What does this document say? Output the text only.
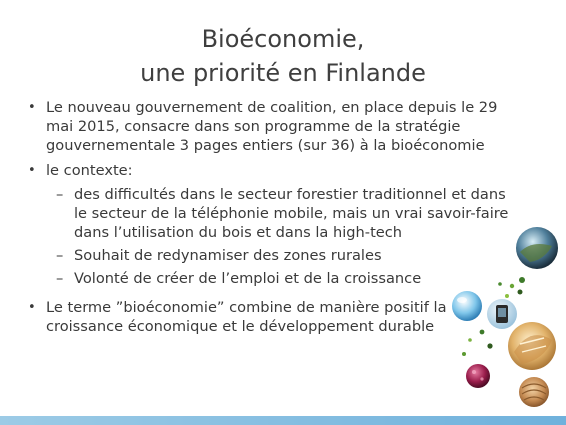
Bioéconomie,
une priorité en Finlande
• Le nouveau gouvernement de coalition, en place depuis le 29
mai 2015, consacre dans son programme de la stratégie
gouvernementale 3 pages entiers (sur 36) à la bioéconomie
• le contexte:
– des difficultés dans le secteur forestier traditionnel et dans
le secteur de la téléphonie mobile, mais un vrai savoir-faire
dans l’utilisation du bois et dans la high-tech
– Souhait de redynamiser des zones rurales
– Volonté de créer de l’emploi et de la croissance
• Le terme ”bioéconomie” combine de manière positif la
croissance économique et le développement durable
